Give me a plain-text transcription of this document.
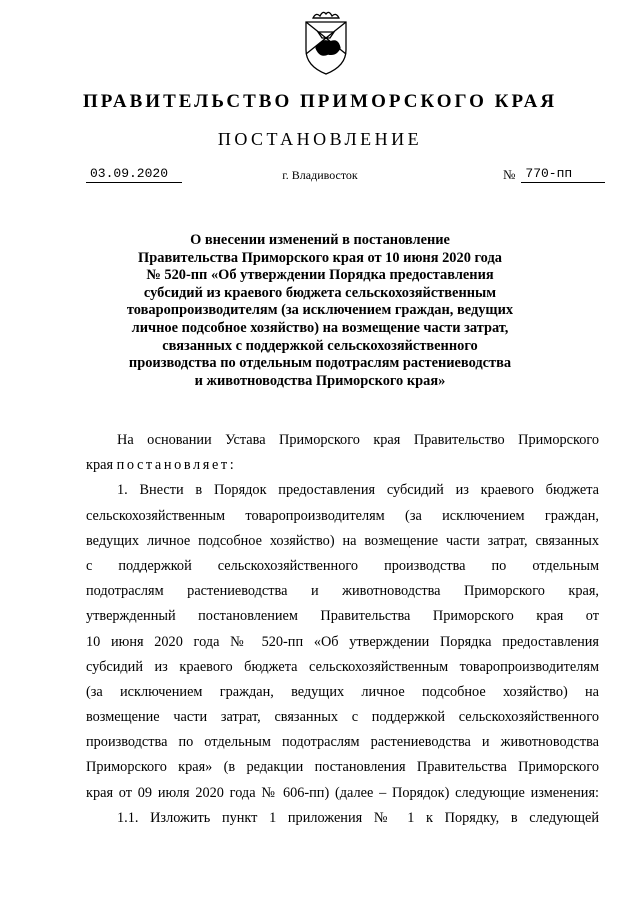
ПРАВИТЕЛЬСТВО ПРИМОРСКОГО КРАЯ
ПОСТАНОВЛЕНИЕ
03.09.2020	г. Владивосток	№ 770-пп
О внесении изменений в постановление
Правительства Приморского края от 10 июня 2020 года
№ 520-пп «Об утверждении Порядка предоставления
субсидий из краевого бюджета сельскохозяйственным
товаропроизводителям (за исключением граждан, ведущих
личное подсобное хозяйство) на возмещение части затрат,
связанных с поддержкой сельскохозяйственного
производства по отдельным подотраслям растениеводства
и животноводства Приморского края»
На основании Устава Приморского края Правительство Приморского
края постановляет:
1. Внести в Порядок предоставления субсидий из краевого бюджета
сельскохозяйственным товаропроизводителям (за исключением граждан,
ведущих личное подсобное хозяйство) на возмещение части затрат, связанных
с поддержкой сельскохозяйственного производства по отдельным
подотраслям растениеводства и животноводства Приморского края,
утвержденный постановлением Правительства Приморского края от
10 июня 2020 года № 520-пп «Об утверждении Порядка предоставления
субсидий из краевого бюджета сельскохозяйственным товаропроизводителям
(за исключением граждан, ведущих личное подсобное хозяйство) на
возмещение части затрат, связанных с поддержкой сельскохозяйственного
производства по отдельным подотраслям растениеводства и животноводства
Приморского края» (в редакции постановления Правительства Приморского
края от 09 июля 2020 года № 606-пп) (далее – Порядок) следующие изменения:
1.1. Изложить пункт 1 приложения № 1 к Порядку, в следующей
